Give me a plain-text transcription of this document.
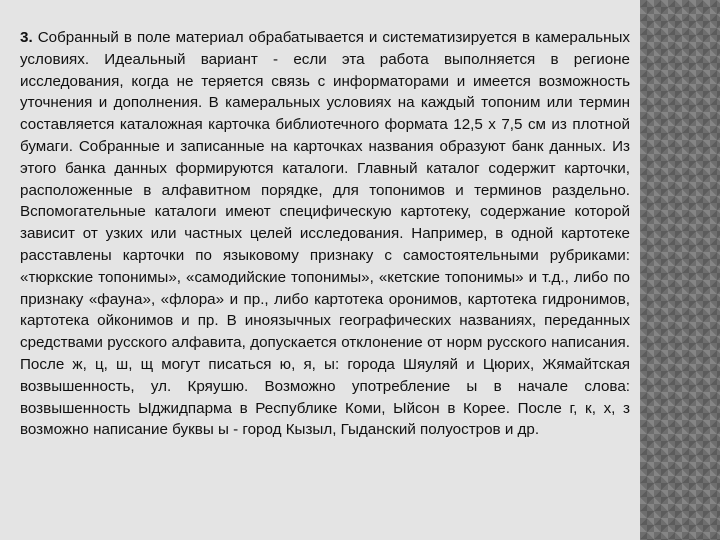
3. Собранный в поле материал обрабатывается и систематизируется в камеральных условиях. Идеальный вариант - если эта работа выполняется в регионе исследования, когда не теряется связь с информаторами и имеется возможность уточнения и дополнения. В камеральных условиях на каждый топоним или термин составляется каталожная карточка библиотечного формата 12,5 х 7,5 см из плотной бумаги. Собранные и записанные на карточках названия образуют банк данных. Из этого банка данных формируются каталоги. Главный каталог содержит карточки, расположенные в алфавитном порядке, для топонимов и терминов раздельно. Вспомогательные каталоги имеют специфическую картотеку, содержание которой зависит от узких или частных целей исследования. Например, в одной картотеке расставлены карточки по языковому признаку с самостоятельными рубриками: «тюркские топонимы», «самодийские топонимы», «кетские топонимы» и т.д., либо по признаку «фауна», «флора» и пр., либо картотека оронимов, картотека гидронимов, картотека ойконимов и пр. В иноязычных географических названиях, переданных средствами русского алфавита, допускается отклонение от норм русского написания. После ж, ц, ш, щ могут писаться ю, я, ы: города Шяуляй и Цюрих, Жямайтская возвышенность, ул. Кряушю. Возможно употребление ы в начале слова: возвышенность Ыджидпарма в Республике Коми, Ыйсон в Корее. После г, к, х, з возможно написание буквы ы - город Кызыл, Гыданский полуостров и др.
